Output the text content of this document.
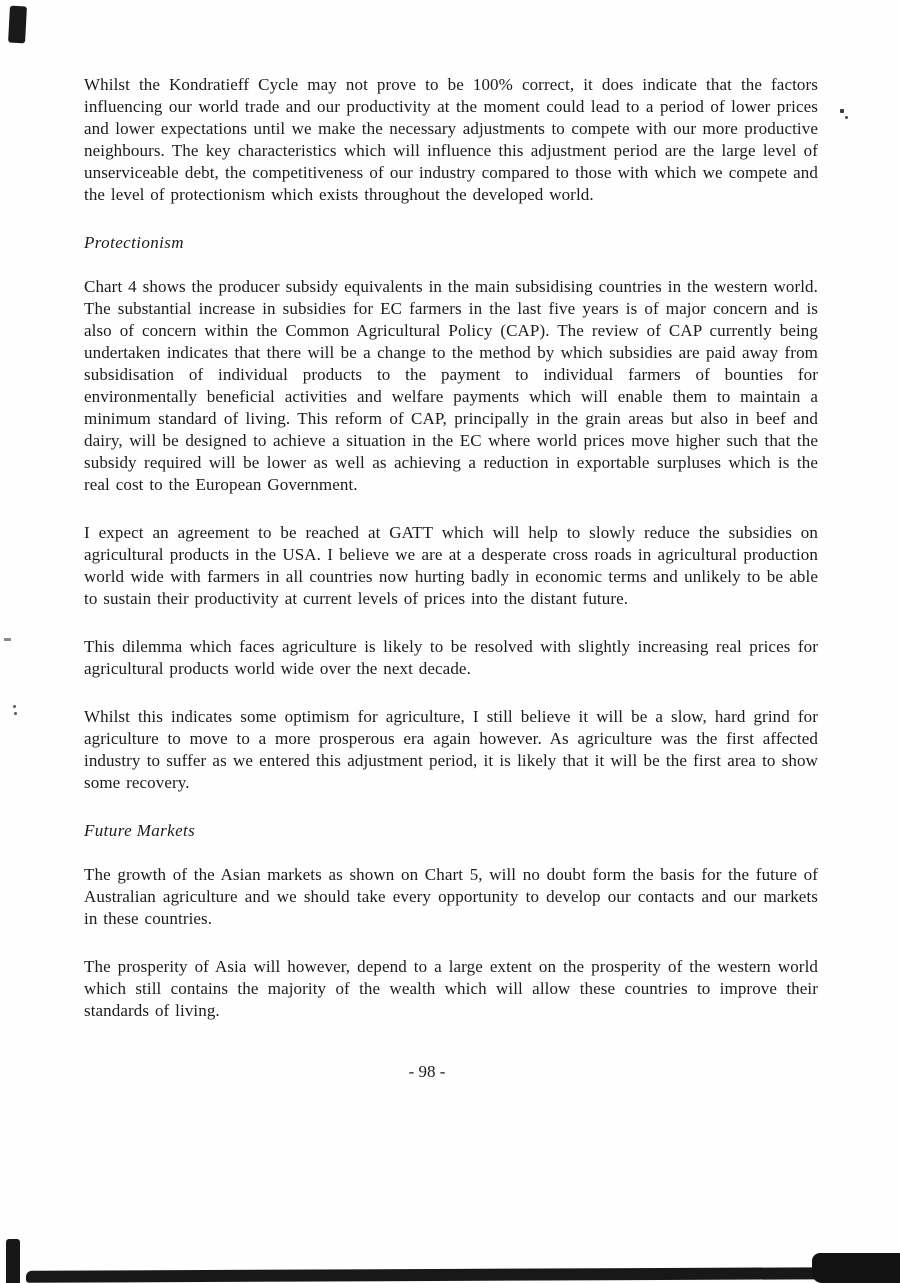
Whilst the Kondratieff Cycle may not prove to be 100% correct, it does indicate that the factors influencing our world trade and our productivity at the moment could lead to a period of lower prices and lower expectations until we make the necessary adjustments to compete with our more productive neighbours. The key characteristics which will influence this adjustment period are the large level of unserviceable debt, the competitiveness of our industry compared to those with which we compete and the level of protectionism which exists throughout the developed world.

Protectionism

Chart 4 shows the producer subsidy equivalents in the main subsidising countries in the western world. The substantial increase in subsidies for EC farmers in the last five years is of major concern and is also of concern within the Common Agricultural Policy (CAP). The review of CAP currently being undertaken indicates that there will be a change to the method by which subsidies are paid away from subsidisation of individual products to the payment to individual farmers of bounties for environmentally beneficial activities and welfare payments which will enable them to maintain a minimum standard of living. This reform of CAP, principally in the grain areas but also in beef and dairy, will be designed to achieve a situation in the EC where world prices move higher such that the subsidy required will be lower as well as achieving a reduction in exportable surpluses which is the real cost to the European Government.

I expect an agreement to be reached at GATT which will help to slowly reduce the subsidies on agricultural products in the USA. I believe we are at a desperate cross roads in agricultural production world wide with farmers in all countries now hurting badly in economic terms and unlikely to be able to sustain their productivity at current levels of prices into the distant future.

This dilemma which faces agriculture is likely to be resolved with slightly increasing real prices for agricultural products world wide over the next decade.

Whilst this indicates some optimism for agriculture, I still believe it will be a slow, hard grind for agriculture to move to a more prosperous era again however. As agriculture was the first affected industry to suffer as we entered this adjustment period, it is likely that it will be the first area to show some recovery.

Future Markets

The growth of the Asian markets as shown on Chart 5, will no doubt form the basis for the future of Australian agriculture and we should take every opportunity to develop our contacts and our markets in these countries.

The prosperity of Asia will however, depend to a large extent on the prosperity of the western world which still contains the majority of the wealth which will allow these countries to improve their standards of living.

- 98 -
